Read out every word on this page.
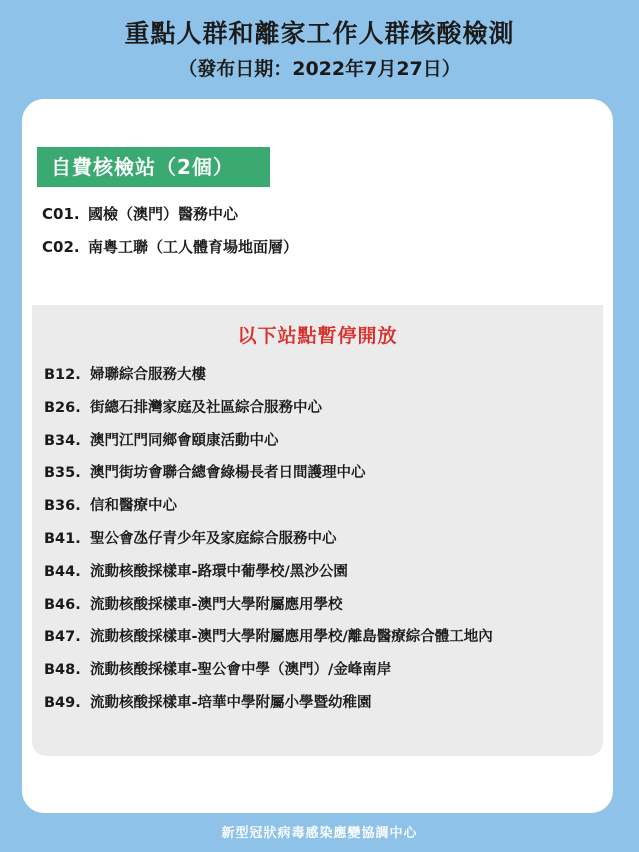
重點人群和離家工作人群核酸檢測
（發布日期：2022年7月27日）
自費核檢站（2個）
C01. 國檢（澳門）醫務中心
C02. 南粵工聯（工人體育場地面層）
以下站點暫停開放
B12. 婦聯綜合服務大樓
B26. 街總石排灣家庭及社區綜合服務中心
B34. 澳門江門同鄉會頤康活動中心
B35. 澳門街坊會聯合總會綠楊長者日間護理中心
B36. 信和醫療中心
B41. 聖公會氹仔青少年及家庭綜合服務中心
B44. 流動核酸採樣車-路環中葡學校/黑沙公園
B46. 流動核酸採樣車-澳門大學附屬應用學校
B47. 流動核酸採樣車-澳門大學附屬應用學校/離島醫療綜合體工地內
B48. 流動核酸採樣車-聖公會中學（澳門）/金峰南岸
B49. 流動核酸採樣車-培華中學附屬小學暨幼稚園
新型冠狀病毒感染應變協調中心
